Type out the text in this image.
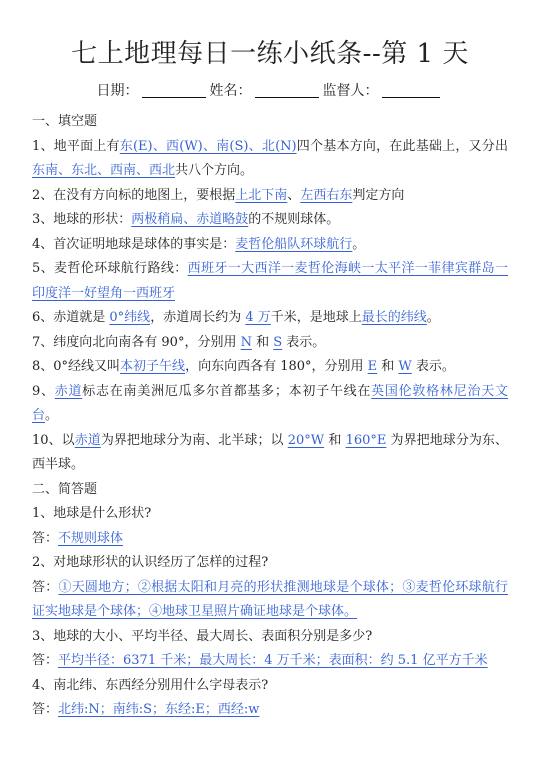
七上地理每日一练小纸条--第 1 天
日期：	姓名：	监督人：

一、填空题

1、地平面上有东(E)、西(W)、南(S)、北(N)四个基本方向，在此基础上，又分出东南、东北、西南、西北共八个方向。

2、在没有方向标的地图上，要根据上北下南、左西右东判定方向

3、地球的形状：两极稍扁、赤道略鼓的不规则球体。

4、首次证明地球是球体的事实是：麦哲伦船队环球航行。

5、麦哲伦环球航行路线：西班牙一大西洋一麦哲伦海峡一太平洋一菲律宾群岛一印度洋一好望角一西班牙

6、赤道就是 0°纬线，赤道周长约为 4 万千米，是地球上最长的纬线。

7、纬度向北向南各有 90°，分别用 N 和 S 表示。

8、0°经线又叫本初子午线，向东向西各有 180°，分别用 E 和 W 表示。

9、赤道标志在南美洲厄瓜多尔首都基多；本初子午线在英国伦敦格林尼治天文台。

10、以赤道为界把地球分为南、北半球；以 20°W 和 160°E 为界把地球分为东、西半球。

二、简答题

1、地球是什么形状?

答：不规则球体

2、对地球形状的认识经历了怎样的过程?

答：①天圆地方；②根据太阳和月亮的形状推测地球是个球体；③麦哲伦环球航行证实地球是个球体；④地球卫星照片确证地球是个球体。

3、地球的大小、平均半径、最大周长、表面积分别是多少?

答：平均半径：6371 千米；最大周长：4 万千米；表面积：约 5.1 亿平方千米

4、南北纬、东西经分别用什么字母表示?

答：北纬:N；南纬:S；东经:E；西经:w
